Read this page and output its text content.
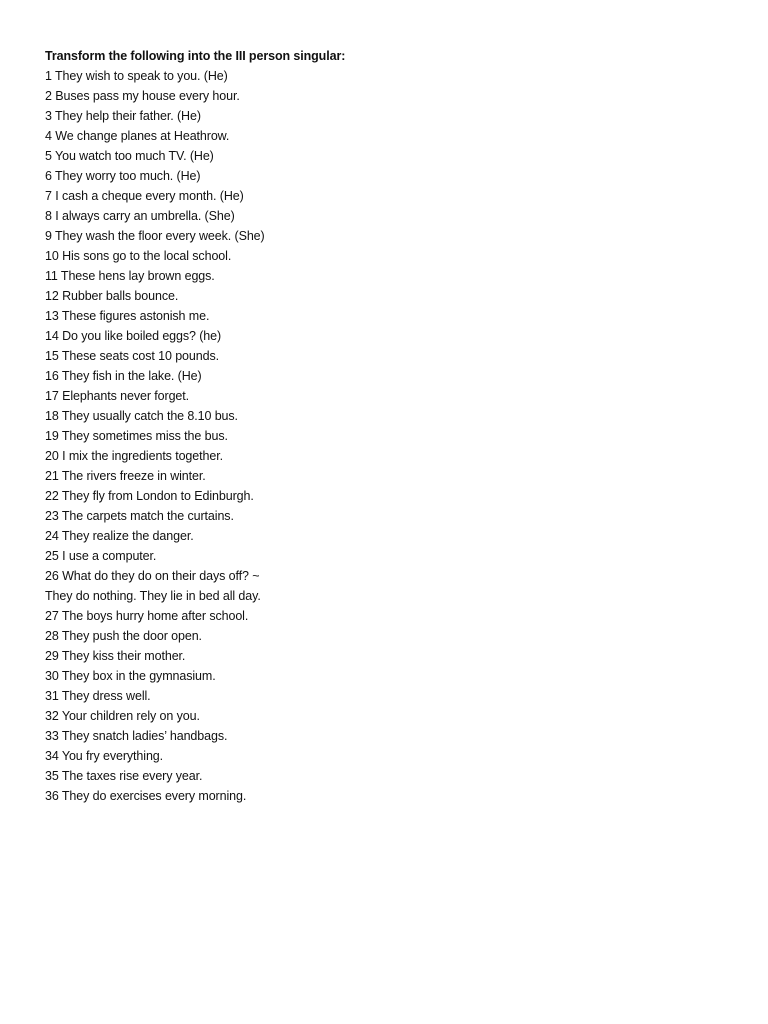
Transform the following into the III person singular:
1 They wish to speak to you. (He)
2 Buses pass my house every hour.
3 They help their father. (He)
4 We change planes at Heathrow.
5 You watch too much TV. (He)
6 They worry too much. (He)
7 I cash a cheque every month. (He)
8 I always carry an umbrella. (She)
9 They wash the floor every week. (She)
10 His sons go to the local school.
11 These hens lay brown eggs.
12 Rubber balls bounce.
13 These figures astonish me.
14 Do you like boiled eggs? (he)
15 These seats cost 10 pounds.
16 They fish in the lake. (He)
17 Elephants never forget.
18 They usually catch the 8.10 bus.
19 They sometimes miss the bus.
20 I mix the ingredients together.
21 The rivers freeze in winter.
22 They fly from London to Edinburgh.
23 The carpets match the curtains.
24 They realize the danger.
25 I use a computer.
26 What do they do on their days off? ~
They do nothing. They lie in bed all day.
27 The boys hurry home after school.
28 They push the door open.
29 They kiss their mother.
30 They box in the gymnasium.
31 They dress well.
32 Your children rely on you.
33 They snatch ladies’ handbags.
34 You fry everything.
35 The taxes rise every year.
36 They do exercises every morning.
